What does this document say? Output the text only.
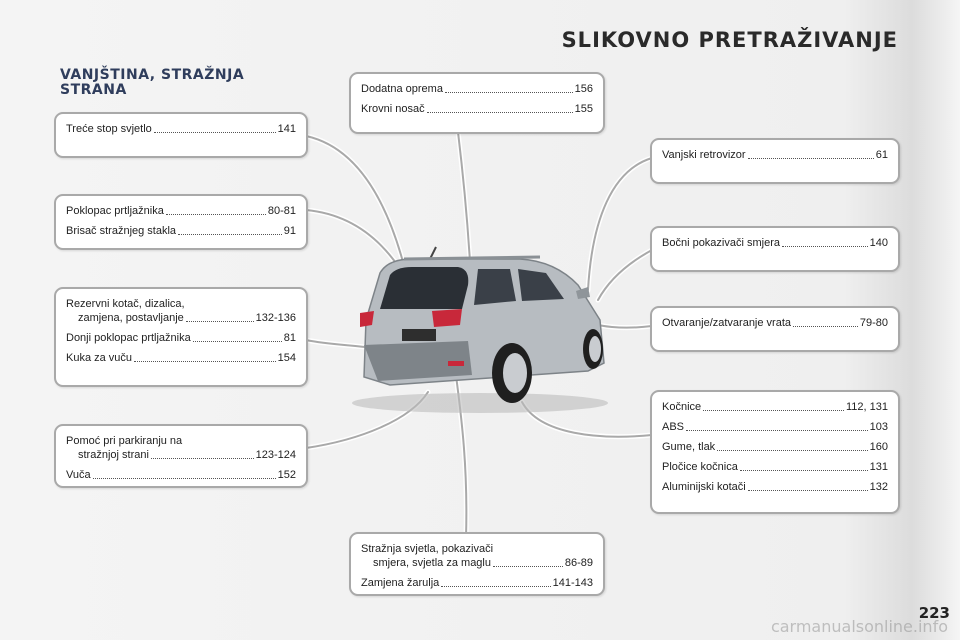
SLIKOVNO PRETRAŽIVANJE
VANJŠTINA, STRAŽNJA STRANA
Treće stop svjetlo	141
Poklopac prtljažnika	80-81
Brisač stražnjeg stakla	91
Rezervni kotač, dizalica,
zamjena, postavljanje	132-136
Donji poklopac prtljažnika	81
Kuka za vuču	154
Pomoć pri parkiranju na
stražnjoj strani	123-124
Vuča	152
Dodatna oprema	156
Krovni nosač	155
Stražnja svjetla, pokazivači
smjera, svjetla za maglu	86-89
Zamjena žarulja	141-143
Vanjski retrovizor	61
Bočni pokazivači smjera	140
Otvaranje/zatvaranje vrata	79-80
Kočnice	112, 131
ABS	103
Gume, tlak	160
Pločice kočnica	131
Aluminijski kotači	132
223
carmanualsonline.info
